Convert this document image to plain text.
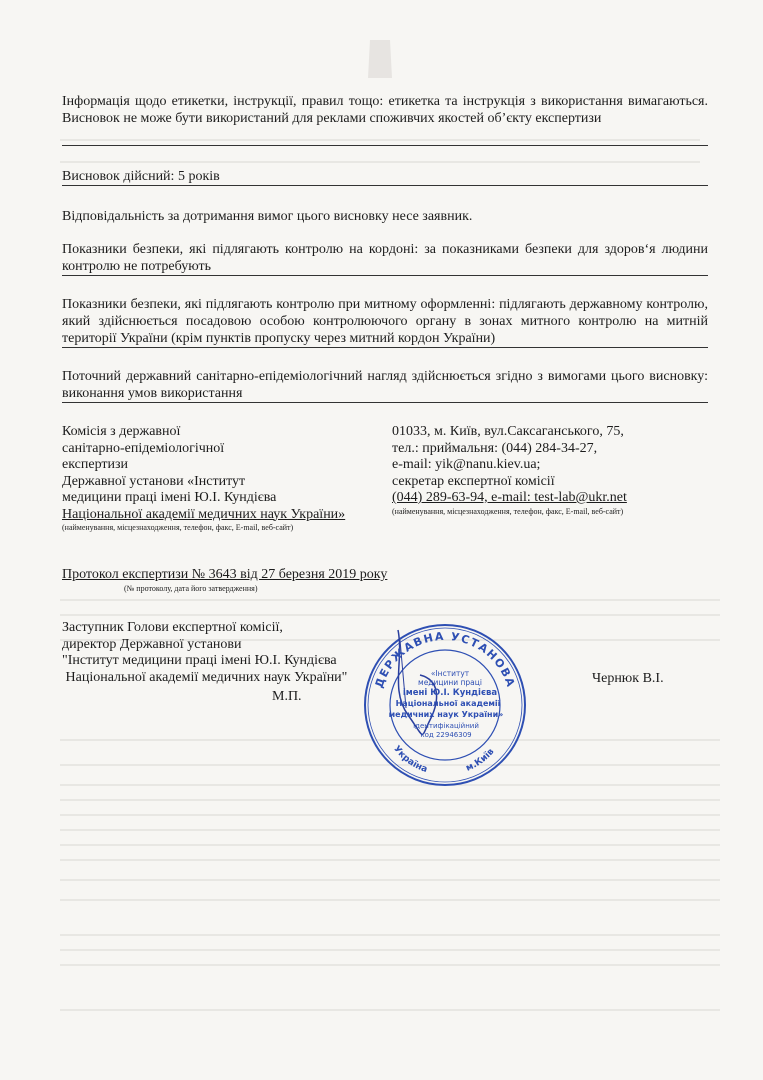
Інформація щодо етикетки, інструкції, правил тощо: етикетка та інструкція з використання вимагаються. Висновок не може бути використаний для реклами споживчих якостей об’єкту експертизи
Висновок дійсний: 5 років
Відповідальність за дотримання вимог цього висновку несе заявник.
Показники безпеки, які підлягають контролю на кордоні: за показниками безпеки для здоров‘я людини контролю не потребують
Показники безпеки, які підлягають контролю при митному оформленні: підлягають державному контролю, який здійснюється посадовою особою контролюючого органу в зонах митного контролю на митній території України (крім пунктів пропуску через митний кордон України)
Поточний державний санітарно-епідеміологічний нагляд здійснюється згідно з вимогами цього висновку: виконання умов використання
Комісія з державної
санітарно-епідеміологічної
експертизи
Державної установи «Інститут
медицини праці імені Ю.І. Кундієва
Національної академії медичних наук України»
(найменування, місцезнаходження, телефон, факс, E-mail, веб-сайт)
01033, м. Київ, вул.Саксаганського, 75,
тел.: приймальня: (044) 284-34-27,
e-mail: yik@nanu.kiev.ua;
секретар експертної комісії
(044) 289-63-94, e-mail: test-lab@ukr.net
(найменування, місцезнаходження, телефон, факс, E-mail, веб-сайт)
Протокол експертизи № 3643 від 27 березня 2019 року
(№ протоколу, дата його затвердження)
Заступник Голови експертної комісії,
директор Державної установи
"Інститут медицини праці імені Ю.І. Кундієва
Національної академії медичних наук України"
М.П.
Чернюк В.І.
ДЕРЖАВНА УСТАНОВА
Україна	м.Київ
«Інститут
медицини праці
імені Ю.І. Кундієва
Національної академії
медичних наук України»
Ідентифікаційний
код 22946309
